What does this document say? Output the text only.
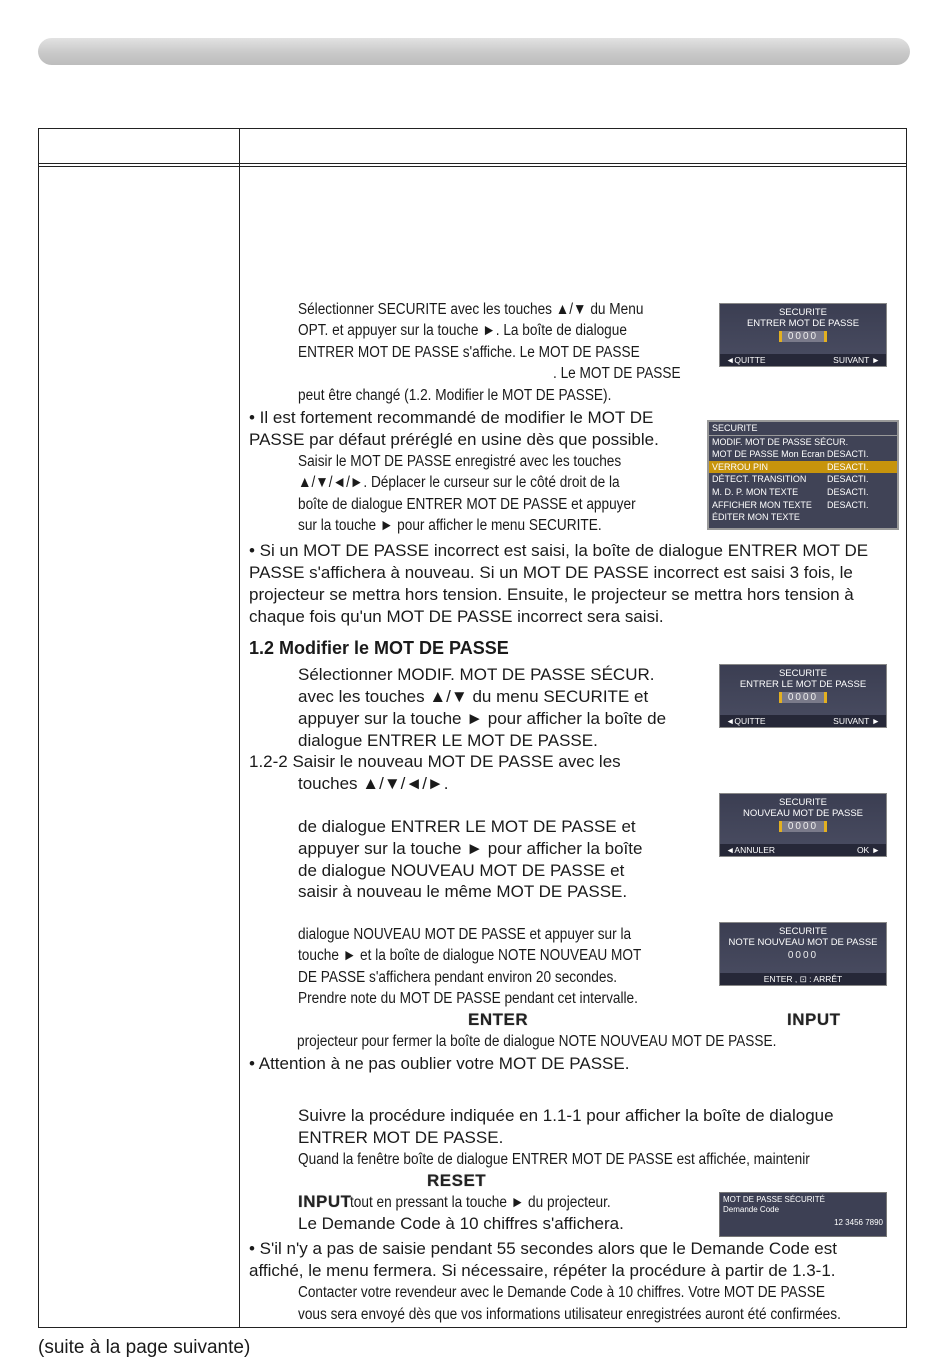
Sélectionner SECURITE avec les touches ▲/▼ du Menu
OPT. et appuyer sur la touche ►. La boîte de dialogue
ENTRER MOT DE PASSE s'affiche. Le MOT DE PASSE
. Le MOT DE PASSE
peut être changé (1.2. Modifier le MOT DE PASSE).
• Il est fortement recommandé de modifier le MOT DE
PASSE par défaut préréglé en usine dès que possible.
Saisir le MOT DE PASSE enregistré avec les touches
▲/▼/◄/►. Déplacer le curseur sur le côté droit de la
boîte de dialogue ENTRER MOT DE PASSE et appuyer
sur la touche ► pour afficher le menu SECURITE.
• Si un MOT DE PASSE incorrect est saisi, la boîte de dialogue ENTRER MOT DE
PASSE s'affichera à nouveau. Si un MOT DE PASSE incorrect est saisi 3 fois, le
projecteur se mettra hors tension. Ensuite, le projecteur se mettra hors tension à
chaque fois qu'un MOT DE PASSE incorrect sera saisi.
1.2 Modifier le MOT DE PASSE
Sélectionner MODIF. MOT DE PASSE SÉCUR.
avec les touches ▲/▼ du menu SECURITE et
appuyer sur la touche ► pour afficher la boîte de
dialogue ENTRER LE MOT DE PASSE.
1.2-2 Saisir le nouveau MOT DE PASSE avec les
touches ▲/▼/◄/►.
de dialogue ENTRER LE MOT DE PASSE et
appuyer sur la touche ► pour afficher la boîte
de dialogue NOUVEAU MOT DE PASSE et
saisir à nouveau le même MOT DE PASSE.
dialogue NOUVEAU MOT DE PASSE et appuyer sur la
touche ► et la boîte de dialogue NOTE NOUVEAU MOT
DE PASSE s'affichera pendant environ 20 secondes.
Prendre note du MOT DE PASSE pendant cet intervalle.
projecteur pour fermer la boîte de dialogue NOTE NOUVEAU MOT DE PASSE.
• Attention à ne pas oublier votre MOT DE PASSE.
Suivre la procédure indiquée en 1.1-1 pour afficher la boîte de dialogue
ENTRER MOT DE PASSE.
Quand la fenêtre boîte de dialogue ENTRER MOT DE PASSE est affichée, maintenir
tout en pressant la touche ► du projecteur.
Le Demande Code à 10 chiffres s'affichera.
• S'il n'y a pas de saisie pendant 55 secondes alors que le Demande Code est
affiché, le menu fermera. Si nécessaire, répéter la procédure à partir de 1.3-1.
Contacter votre revendeur avec le Demande Code à 10 chiffres. Votre MOT DE PASSE
vous sera envoyé dès que vos informations utilisateur enregistrées auront été confirmées.
ENTER	INPUT
RESET
INPUT
SECURITE
ENTRER MOT DE PASSE
0000
◄QUITTE	SUIVANT ►
SECURITE
MODIF. MOT DE PASSE SÉCUR.
MOT DE PASSE Mon Ecran DESACTI.
VERROU PIN	DESACTI.
DÉTECT. TRANSITION DESACTI.
M. D. P. MON TEXTE	DESACTI.
AFFICHER MON TEXTE DESACTI.
ÉDITER MON TEXTE
SECURITE
ENTRER LE MOT DE PASSE
0000
◄QUITTE	SUIVANT ►
SECURITE
NOUVEAU MOT DE PASSE
0000
◄ANNULER	OK ►
SECURITE
NOTE NOUVEAU MOT DE PASSE
0000
ENTER , ⊡ : ARRÊT
MOT DE PASSE SÉCURITÉ
Demande Code
12 3456 7890
(suite à la page suivante)
